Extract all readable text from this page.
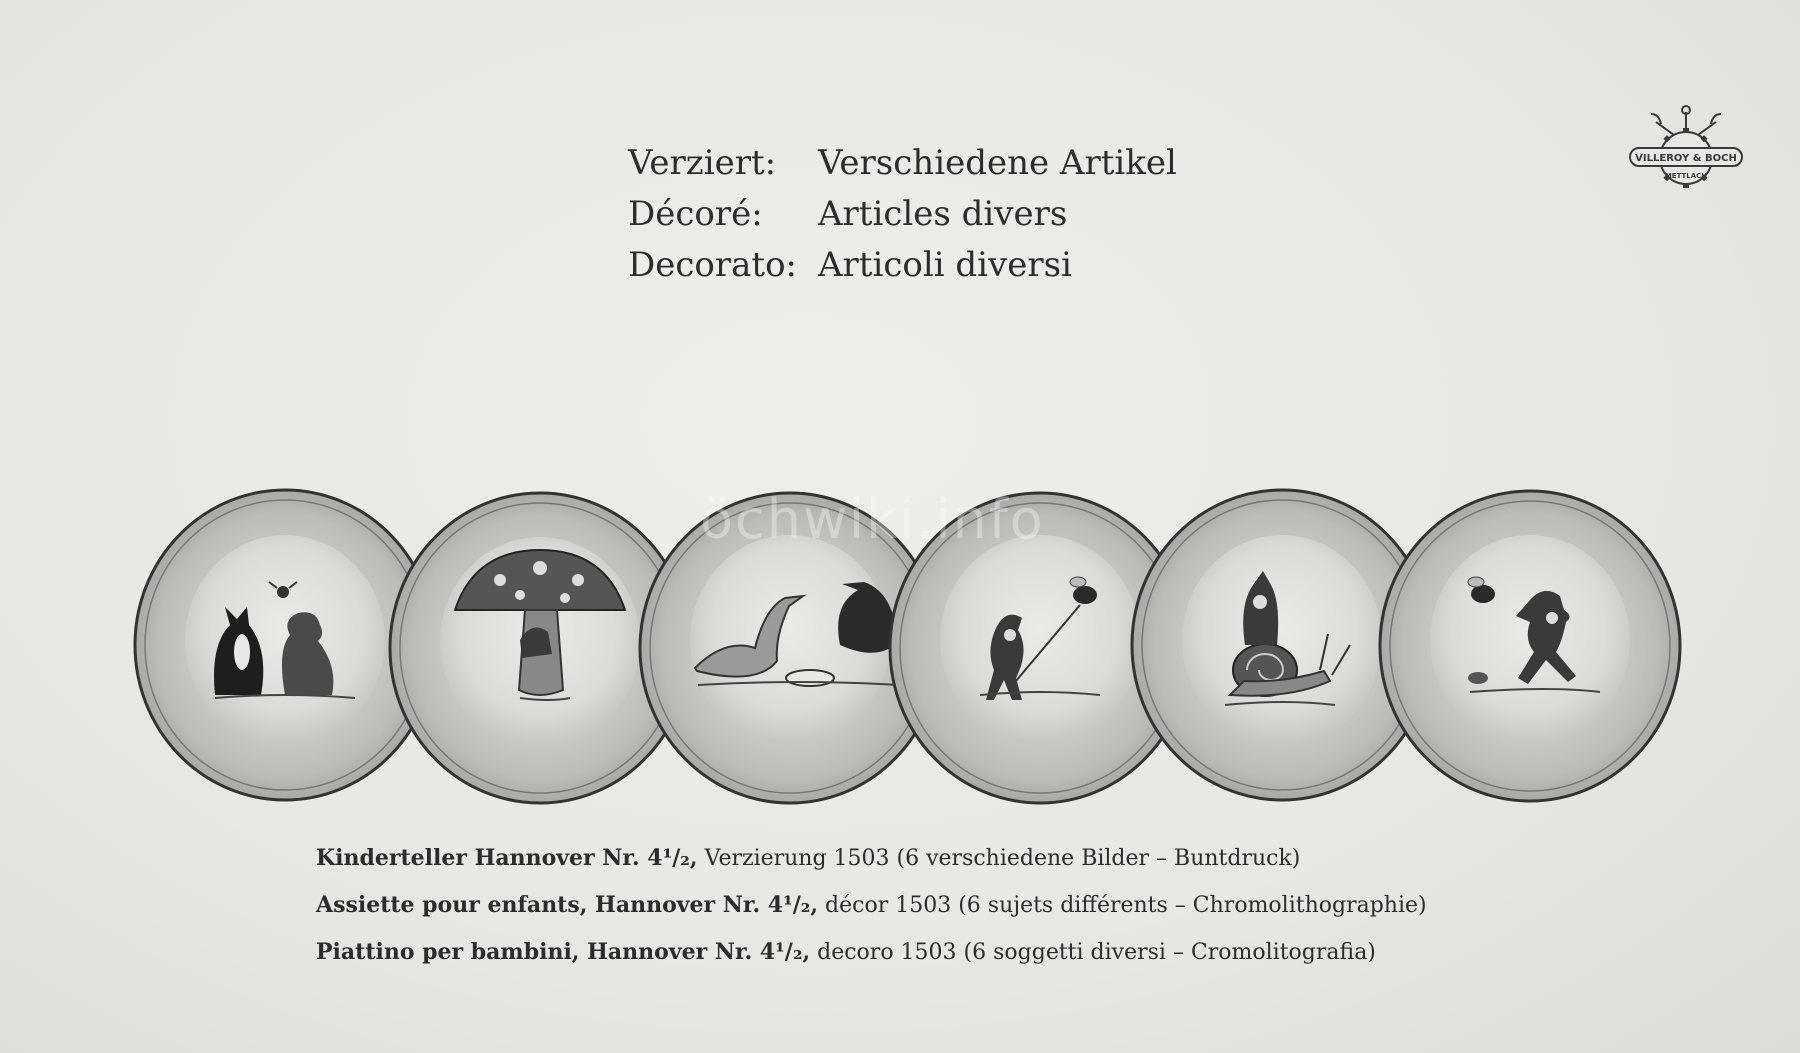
Verziert:	Verschiedene Artikel
Décoré:	Articles divers
Decorato: Articoli diversi
VILLEROY & BOCH
METTLACH
öchwiki.info
Kinderteller Hannover Nr. 4¹/₂, Verzierung 1503 (6 verschiedene Bilder – Buntdruck)
Assiette pour enfants, Hannover Nr. 4¹/₂, décor 1503 (6 sujets différents – Chromolithographie)
Piattino per bambini, Hannover Nr. 4¹/₂, decoro 1503 (6 soggetti diversi – Cromolitografia)
